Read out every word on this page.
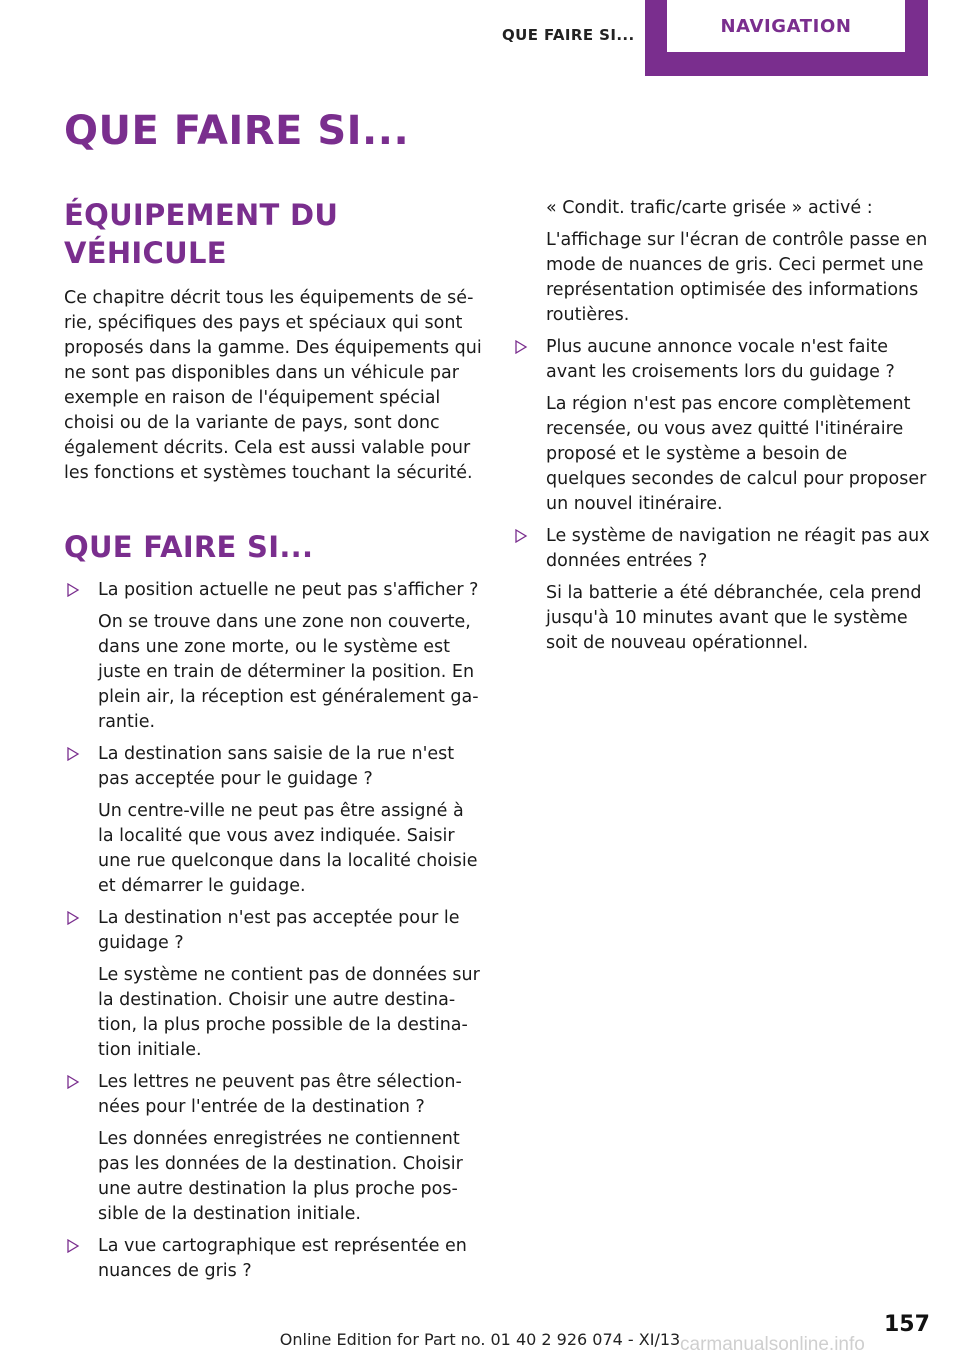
QUE FAIRE SI...	NAVIGATION
QUE FAIRE SI...
ÉQUIPEMENT DU VÉHICULE

Ce chapitre décrit tous les équipements de série, spécifiques des pays et spéciaux qui sont proposés dans la gamme. Des équipements qui ne sont pas disponibles dans un véhicule par exemple en raison de l'équipement spécial choisi ou de la variante de pays, sont donc également décrits. Cela est aussi valable pour les fonctions et systèmes touchant la sécurité.

QUE FAIRE SI...

La position actuelle ne peut pas s'afficher ?

On se trouve dans une zone non couverte, dans une zone morte, ou le système est juste en train de déterminer la position. En plein air, la réception est généralement garantie.

La destination sans saisie de la rue n'est pas acceptée pour le guidage ?

Un centre-ville ne peut pas être assigné à la localité que vous avez indiquée. Saisir une rue quelconque dans la localité choisie et démarrer le guidage.

La destination n'est pas acceptée pour le guidage ?

Le système ne contient pas de données sur la destination. Choisir une autre destination, la plus proche possible de la destination initiale.

Les lettres ne peuvent pas être sélectionnées pour l'entrée de la destination ?

Les données enregistrées ne contiennent pas les données de la destination. Choisir une autre destination la plus proche possible de la destination initiale.

La vue cartographique est représentée en nuances de gris ?

« Condit. trafic/carte grisée » activé :

L'affichage sur l'écran de contrôle passe en mode de nuances de gris. Ceci permet une représentation optimisée des informations routières.

Plus aucune annonce vocale n'est faite avant les croisements lors du guidage ?

La région n'est pas encore complètement recensée, ou vous avez quitté l'itinéraire proposé et le système a besoin de quelques secondes de calcul pour proposer un nouvel itinéraire.

Le système de navigation ne réagit pas aux données entrées ?

Si la batterie a été débranchée, cela prend jusqu'à 10 minutes avant que le système soit de nouveau opérationnel.

157
Online Edition for Part no. 01 40 2 926 074 - XI/13 carmanualsonline.info
